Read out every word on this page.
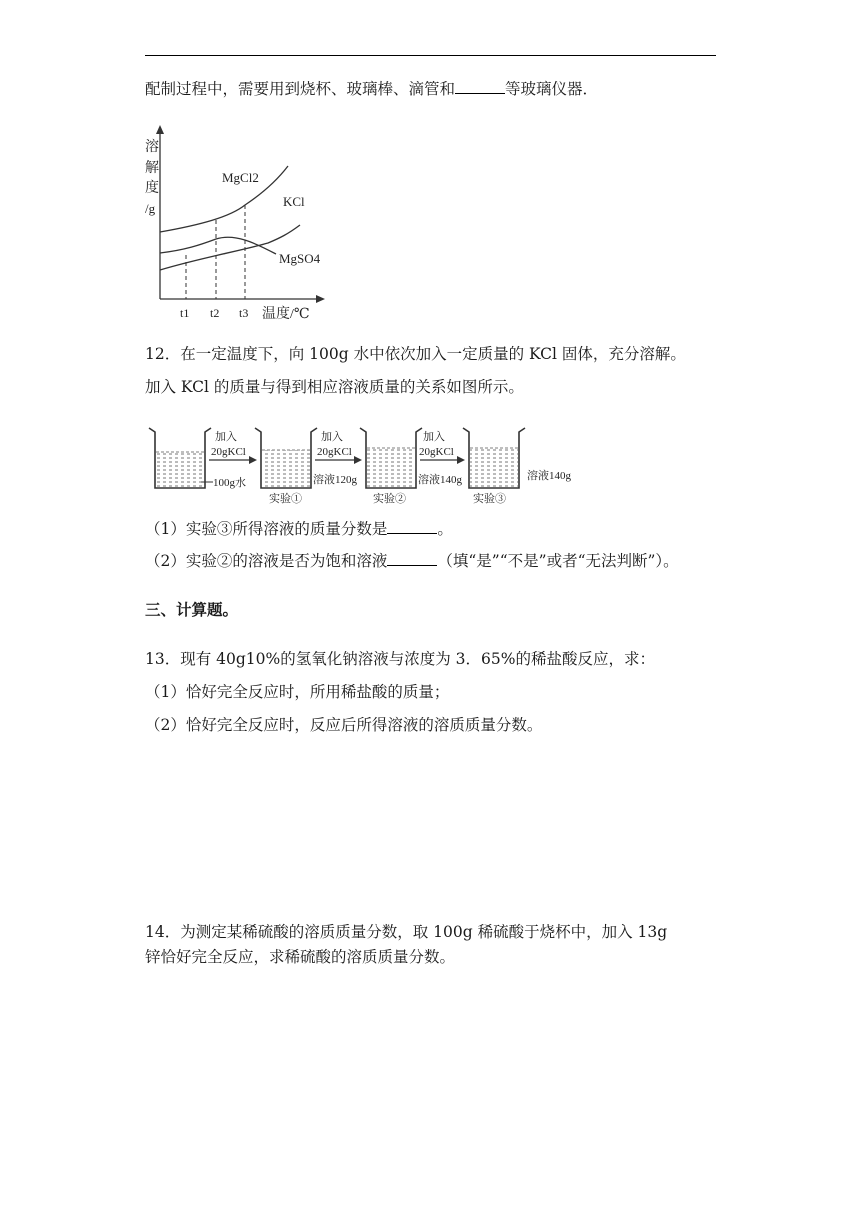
配制过程中，需要用到烧杯、玻璃棒、滴管和	等玻璃仪器．
溶
解
度
/g
MgCl2
KCl
MgSO4
t1 t2 t3 温度/℃
12．在一定温度下，向 100g 水中依次加入一定质量的 KCl 固体，充分溶解。
加入 KCl 的质量与得到相应溶液质量的关系如图所示。
加入
20gKCl
加入
20gKCl
加入
20gKCl
100g水	溶液120g	溶液140g	溶液140g
实验①	实验②	实验③
（1）实验③所得溶液的质量分数是	。
（2）实验②的溶液是否为饱和溶液	（填“是”“不是”或者“无法判断”）。
三、计算题。
13．现有 40g10%的氢氧化钠溶液与浓度为 3．65%的稀盐酸反应，求：
（1）恰好完全反应时，所用稀盐酸的质量；
（2）恰好完全反应时，反应后所得溶液的溶质质量分数。
14．为测定某稀硫酸的溶质质量分数，取 100g 稀硫酸于烧杯中，加入 13g
锌恰好完全反应，求稀硫酸的溶质质量分数。
